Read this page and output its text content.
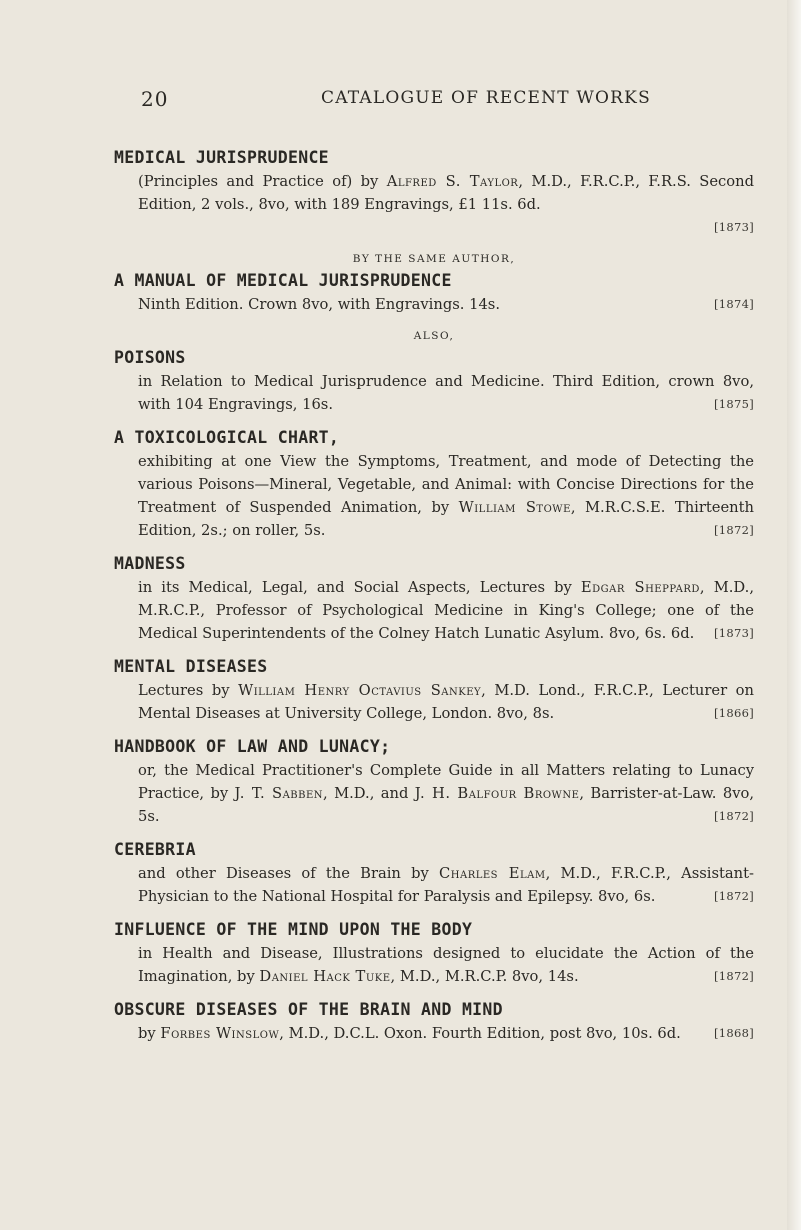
20	CATALOGUE OF RECENT WORKS
MEDICAL JURISPRUDENCE
(Principles and Practice of) by Alfred S. Taylor, M.D., F.R.C.P., F.R.S. Second Edition, 2 vols., 8vo, with 189 Engravings, £1 11s. 6d.
[1873]
BY THE SAME AUTHOR,
A MANUAL OF MEDICAL JURISPRUDENCE
[1874]
Ninth Edition. Crown 8vo, with Engravings. 14s.
ALSO,
POISONS
in Relation to Medical Jurisprudence and Medicine. Third Edition, crown 8vo, with 104 Engravings, 16s.	[1875]
A TOXICOLOGICAL CHART,
exhibiting at one View the Symptoms, Treatment, and mode of Detecting the various Poisons—Mineral, Vegetable, and Animal: with Concise Directions for the Treatment of Suspended Animation, by William Stowe, M.R.C.S.E. Thirteenth Edition, 2s.; on roller, 5s.	[1872]
MADNESS
in its Medical, Legal, and Social Aspects, Lectures by Edgar Sheppard, M.D., M.R.C.P., Professor of Psychological Medicine in King's College; one of the Medical Superintendents of the Colney Hatch Lunatic Asylum. 8vo, 6s. 6d. [1873]
MENTAL DISEASES
Lectures by William Henry Octavius Sankey, M.D. Lond., F.R.C.P., Lecturer on Mental Diseases at University College, London. 8vo, 8s.	[1866]
HANDBOOK OF LAW AND LUNACY;
or, the Medical Practitioner's Complete Guide in all Matters relating to Lunacy Practice, by J. T. Sabben, M.D., and J. H. Balfour Browne, Barrister-at-Law. 8vo, 5s.	[1872]
CEREBRIA
and other Diseases of the Brain by Charles Elam, M.D., F.R.C.P., Assistant-Physician to the National Hospital for Paralysis and Epilepsy. 8vo, 6s.	[1872]
INFLUENCE OF THE MIND UPON THE BODY
in Health and Disease, Illustrations designed to elucidate the Action of the Imagination, by Daniel Hack Tuke, M.D., M.R.C.P. 8vo, 14s.	[1872]
OBSCURE DISEASES OF THE BRAIN AND MIND
by Forbes Winslow, M.D., D.C.L. Oxon. Fourth Edition, post 8vo, 10s. 6d.	[1868]
